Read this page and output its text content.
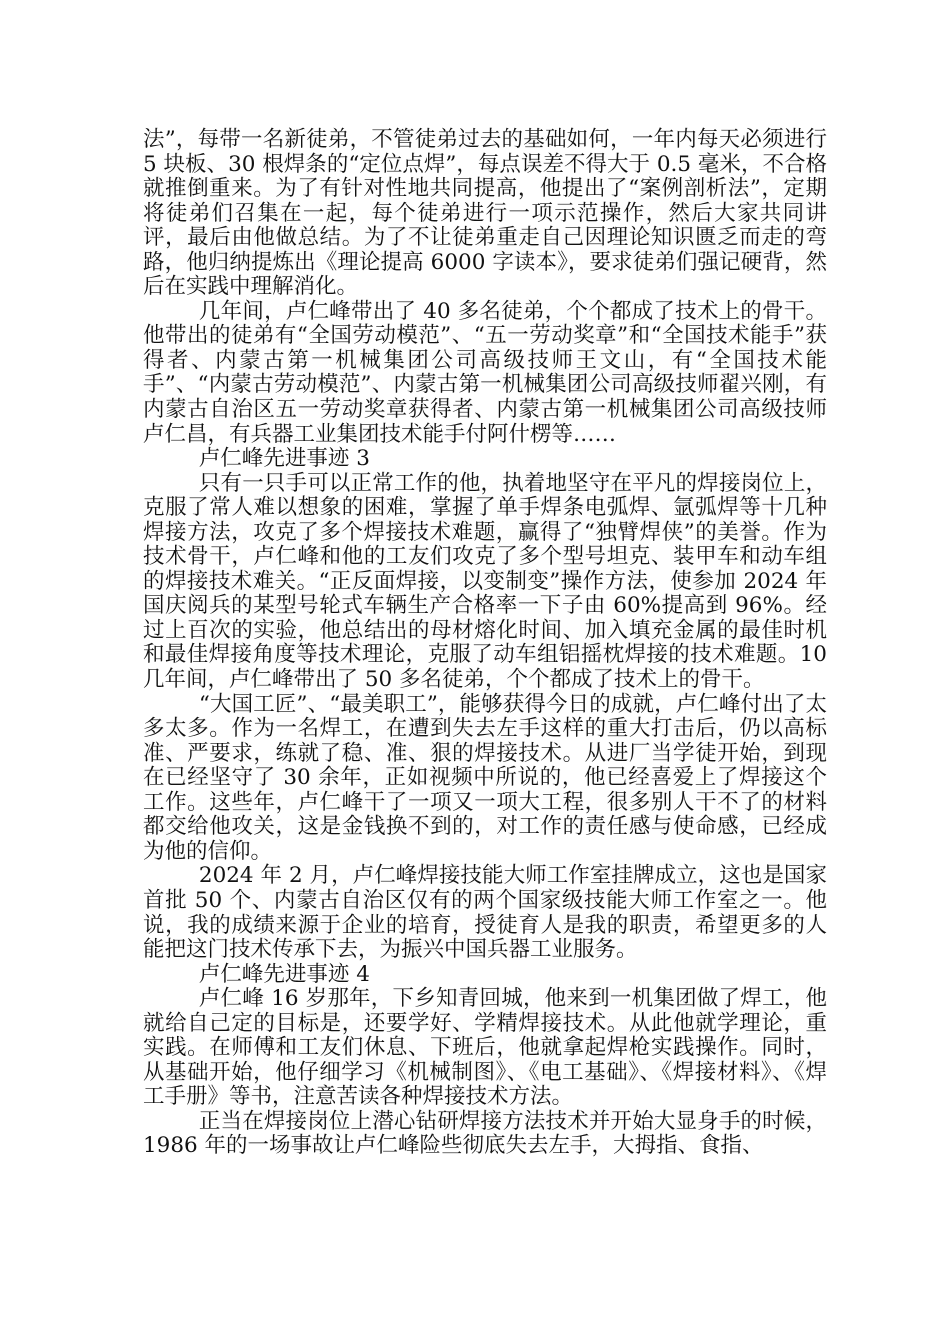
法”，每带一名新徒弟，不管徒弟过去的基础如何，一年内每天必须进行 5 块板、30 根焊条的“定位点焊”，每点误差不得大于 0.5 毫米，不合格就推倒重来。为了有针对性地共同提高，他提出了“案例剖析法”，定期将徒弟们召集在一起，每个徒弟进行一项示范操作，然后大家共同讲评，最后由他做总结。为了不让徒弟重走自己因理论知识匮乏而走的弯路，他归纳提炼出《理论提高 6000 字读本》，要求徒弟们强记硬背，然后在实践中理解消化。

几年间，卢仁峰带出了 40 多名徒弟，个个都成了技术上的骨干。他带出的徒弟有“全国劳动模范”、“五一劳动奖章”和“全国技术能手”获得者、内蒙古第一机械集团公司高级技师王文山，有“全国技术能手”、“内蒙古劳动模范”、内蒙古第一机械集团公司高级技师翟兴刚，有内蒙古自治区五一劳动奖章获得者、内蒙古第一机械集团公司高级技师卢仁昌，有兵器工业集团技术能手付阿什楞等……

卢仁峰先进事迹 3

只有一只手可以正常工作的他，执着地坚守在平凡的焊接岗位上，克服了常人难以想象的困难，掌握了单手焊条电弧焊、氩弧焊等十几种焊接方法，攻克了多个焊接技术难题，赢得了“独臂焊侠”的美誉。作为技术骨干，卢仁峰和他的工友们攻克了多个型号坦克、装甲车和动车组的焊接技术难关。“正反面焊接，以变制变”操作方法，使参加 2024 年国庆阅兵的某型号轮式车辆生产合格率一下子由 60%提高到 96%。经过上百次的实验，他总结出的母材熔化时间、加入填充金属的最佳时机和最佳焊接角度等技术理论，克服了动车组铝摇枕焊接的技术难题。10 几年间，卢仁峰带出了 50 多名徒弟，个个都成了技术上的骨干。

“大国工匠”、“最美职工”，能够获得今日的成就，卢仁峰付出了太多太多。作为一名焊工，在遭到失去左手这样的重大打击后，仍以高标准、严要求，练就了稳、准、狠的焊接技术。从进厂当学徒开始，到现在已经坚守了 30 余年，正如视频中所说的，他已经喜爱上了焊接这个工作。这些年，卢仁峰干了一项又一项大工程，很多别人干不了的材料都交给他攻关，这是金钱换不到的，对工作的责任感与使命感，已经成为他的信仰。

2024 年 2 月，卢仁峰焊接技能大师工作室挂牌成立，这也是国家首批 50 个、内蒙古自治区仅有的两个国家级技能大师工作室之一。他说，我的成绩来源于企业的培育，授徒育人是我的职责，希望更多的人能把这门技术传承下去，为振兴中国兵器工业服务。

卢仁峰先进事迹 4

卢仁峰 16 岁那年，下乡知青回城，他来到一机集团做了焊工，他就给自己定的目标是，还要学好、学精焊接技术。从此他就学理论，重实践。在师傅和工友们休息、下班后，他就拿起焊枪实践操作。同时，从基础开始，他仔细学习《机械制图》、《电工基础》、《焊接材料》、《焊工手册》等书，注意苦读各种焊接技术方法。

正当在焊接岗位上潜心钻研焊接方法技术并开始大显身手的时候，1986 年的一场事故让卢仁峰险些彻底失去左手，大拇指、食指、
